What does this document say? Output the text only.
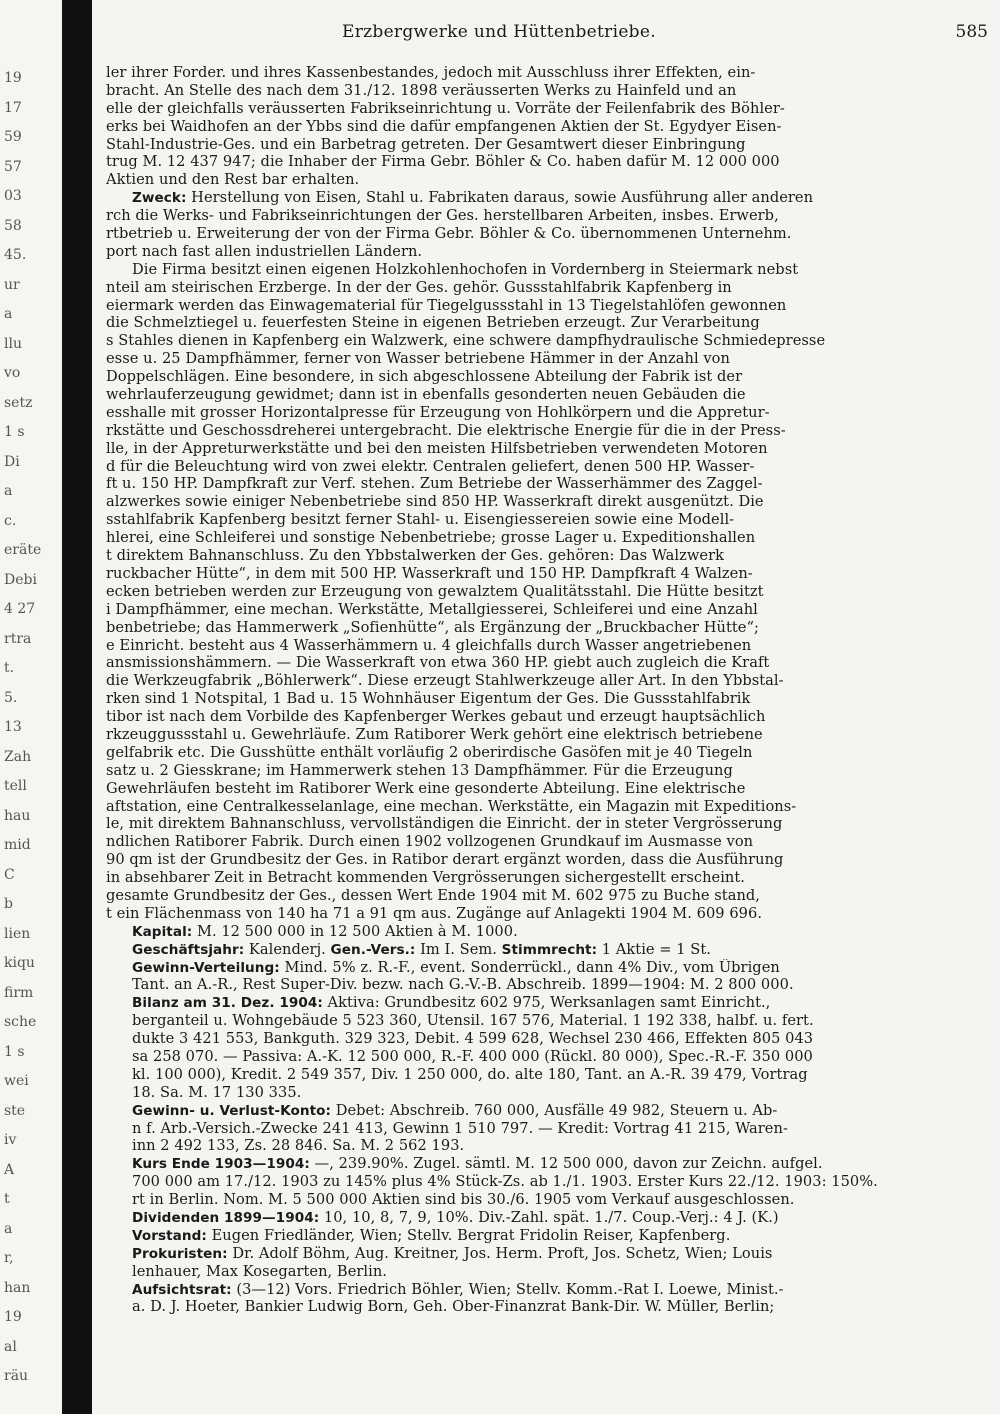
19
17
59
57
03
58
45.
ur
a
llu
vo
setz
1 s
Di
a
c.
eräte
Debi
4 27
rtra
t.
5.
13
Zah
tell
hau
mid
C
b
lien
kiqu
firm
sche
1 s
wei
ste
iv
A
t
a
r,
han
19
al
räu
Erzbergwerke und Hüttenbetriebe.	585
ler ihrer Forder. und ihres Kassenbestandes, jedoch mit Ausschluss ihrer Effekten, ein-
bracht. An Stelle des nach dem 31./12. 1898 veräusserten Werks zu Hainfeld und an
elle der gleichfalls veräusserten Fabrikseinrichtung u. Vorräte der Feilenfabrik des Böhler-
erks bei Waidhofen an der Ybbs sind die dafür empfangenen Aktien der St. Egydyer Eisen-
Stahl-Industrie-Ges. und ein Barbetrag getreten. Der Gesamtwert dieser Einbringung
trug M. 12 437 947; die Inhaber der Firma Gebr. Böhler & Co. haben dafür M. 12 000 000
Aktien und den Rest bar erhalten.
Zweck: Herstellung von Eisen, Stahl u. Fabrikaten daraus, sowie Ausführung aller anderen
rch die Werks- und Fabrikseinrichtungen der Ges. herstellbaren Arbeiten, insbes. Erwerb,
rtbetrieb u. Erweiterung der von der Firma Gebr. Böhler & Co. übernommenen Unternehm.
port nach fast allen industriellen Ländern.
Die Firma besitzt einen eigenen Holzkohlenhochofen in Vordernberg in Steiermark nebst
nteil am steirischen Erzberge. In der der Ges. gehör. Gussstahlfabrik Kapfenberg in
eiermark werden das Einwagematerial für Tiegelgussstahl in 13 Tiegelstahlöfen gewonnen
die Schmelztiegel u. feuerfesten Steine in eigenen Betrieben erzeugt. Zur Verarbeitung
s Stahles dienen in Kapfenberg ein Walzwerk, eine schwere dampfhydraulische Schmiedepresse
esse u. 25 Dampfhämmer, ferner von Wasser betriebene Hämmer in der Anzahl von
Doppelschlägen. Eine besondere, in sich abgeschlossene Abteilung der Fabrik ist der
wehrlauferzeugung gewidmet; dann ist in ebenfalls gesonderten neuen Gebäuden die
esshalle mit grosser Horizontalpresse für Erzeugung von Hohlkörpern und die Appretur-
rkstätte und Geschossdreherei untergebracht. Die elektrische Energie für die in der Press-
lle, in der Appreturwerkstätte und bei den meisten Hilfsbetrieben verwendeten Motoren
d für die Beleuchtung wird von zwei elektr. Centralen geliefert, denen 500 HP. Wasser-
ft u. 150 HP. Dampfkraft zur Verf. stehen. Zum Betriebe der Wasserhämmer des Zaggel-
alzwerkes sowie einiger Nebenbetriebe sind 850 HP. Wasserkraft direkt ausgenützt. Die
sstahlfabrik Kapfenberg besitzt ferner Stahl- u. Eisengiessereien sowie eine Modell-
hlerei, eine Schleiferei und sonstige Nebenbetriebe; grosse Lager u. Expeditionshallen
t direktem Bahnanschluss. Zu den Ybbstalwerken der Ges. gehören: Das Walzwerk
ruckbacher Hütte“, in dem mit 500 HP. Wasserkraft und 150 HP. Dampfkraft 4 Walzen-
ecken betrieben werden zur Erzeugung von gewalztem Qualitätsstahl. Die Hütte besitzt
i Dampfhämmer, eine mechan. Werkstätte, Metallgiesserei, Schleiferei und eine Anzahl
benbetriebe; das Hammerwerk „Sofienhütte“, als Ergänzung der „Bruckbacher Hütte“;
e Einricht. besteht aus 4 Wasserhämmern u. 4 gleichfalls durch Wasser angetriebenen
ansmissionshämmern. — Die Wasserkraft von etwa 360 HP. giebt auch zugleich die Kraft
die Werkzeugfabrik „Böhlerwerk“. Diese erzeugt Stahlwerkzeuge aller Art. In den Ybbstal-
rken sind 1 Notspital, 1 Bad u. 15 Wohnhäuser Eigentum der Ges. Die Gussstahlfabrik
tibor ist nach dem Vorbilde des Kapfenberger Werkes gebaut und erzeugt hauptsächlich
rkzeuggussstahl u. Gewehrläufe. Zum Ratiborer Werk gehört eine elektrisch betriebene
gelfabrik etc. Die Gusshütte enthält vorläufig 2 oberirdische Gasöfen mit je 40 Tiegeln
satz u. 2 Giesskrane; im Hammerwerk stehen 13 Dampfhämmer. Für die Erzeugung
Gewehrläufen besteht im Ratiborer Werk eine gesonderte Abteilung. Eine elektrische
aftstation, eine Centralkesselanlage, eine mechan. Werkstätte, ein Magazin mit Expeditions-
le, mit direktem Bahnanschluss, vervollständigen die Einricht. der in steter Vergrösserung
ndlichen Ratiborer Fabrik. Durch einen 1902 vollzogenen Grundkauf im Ausmasse von
90 qm ist der Grundbesitz der Ges. in Ratibor derart ergänzt worden, dass die Ausführung
in absehbarer Zeit in Betracht kommenden Vergrösserungen sichergestellt erscheint.
gesamte Grundbesitz der Ges., dessen Wert Ende 1904 mit M. 602 975 zu Buche stand,
t ein Flächenmass von 140 ha 71 a 91 qm aus. Zugänge auf Anlagekti 1904 M. 609 696.
Kapital: M. 12 500 000 in 12 500 Aktien à M. 1000.
Geschäftsjahr: Kalenderj. Gen.-Vers.: Im I. Sem. Stimmrecht: 1 Aktie = 1 St.
Gewinn-Verteilung: Mind. 5% z. R.-F., event. Sonderrückl., dann 4% Div., vom Übrigen
Tant. an A.-R., Rest Super-Div. bezw. nach G.-V.-B. Abschreib. 1899—1904: M. 2 800 000.
Bilanz am 31. Dez. 1904: Aktiva: Grundbesitz 602 975, Werksanlagen samt Einricht.,
berganteil u. Wohngebäude 5 523 360, Utensil. 167 576, Material. 1 192 338, halbf. u. fert.
dukte 3 421 553, Bankguth. 329 323, Debit. 4 599 628, Wechsel 230 466, Effekten 805 043
sa 258 070. — Passiva: A.-K. 12 500 000, R.-F. 400 000 (Rückl. 80 000), Spec.-R.-F. 350 000
kl. 100 000), Kredit. 2 549 357, Div. 1 250 000, do. alte 180, Tant. an A.-R. 39 479, Vortrag
18. Sa. M. 17 130 335.
Gewinn- u. Verlust-Konto: Debet: Abschreib. 760 000, Ausfälle 49 982, Steuern u. Ab-
n f. Arb.-Versich.-Zwecke 241 413, Gewinn 1 510 797. — Kredit: Vortrag 41 215, Waren-
inn 2 492 133, Zs. 28 846. Sa. M. 2 562 193.
Kurs Ende 1903—1904: —, 239.90%. Zugel. sämtl. M. 12 500 000, davon zur Zeichn. aufgel.
700 000 am 17./12. 1903 zu 145% plus 4% Stück-Zs. ab 1./1. 1903. Erster Kurs 22./12. 1903: 150%.
rt in Berlin. Nom. M. 5 500 000 Aktien sind bis 30./6. 1905 vom Verkauf ausgeschlossen.
Dividenden 1899—1904: 10, 10, 8, 7, 9, 10%. Div.-Zahl. spät. 1./7. Coup.-Verj.: 4 J. (K.)
Vorstand: Eugen Friedländer, Wien; Stellv. Bergrat Fridolin Reiser, Kapfenberg.
Prokuristen: Dr. Adolf Böhm, Aug. Kreitner, Jos. Herm. Proft, Jos. Schetz, Wien; Louis
lenhauer, Max Kosegarten, Berlin.
Aufsichtsrat: (3—12) Vors. Friedrich Böhler, Wien; Stellv. Komm.-Rat I. Loewe, Minist.-
a. D. J. Hoeter, Bankier Ludwig Born, Geh. Ober-Finanzrat Bank-Dir. W. Müller, Berlin;
